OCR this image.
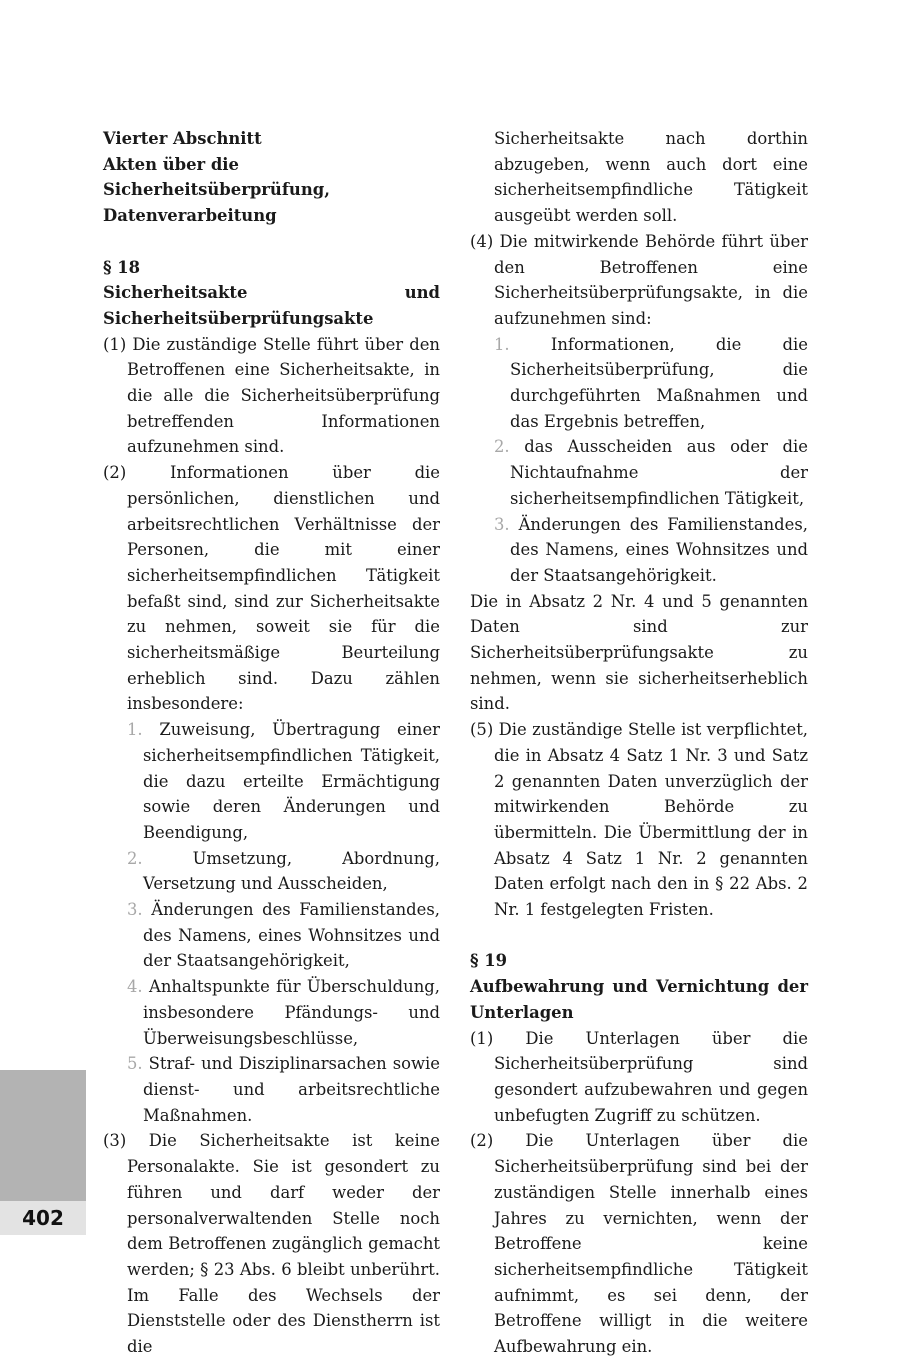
Vierter Abschnitt

Akten über die Sicherheitsüberprüfung, Datenverarbeitung

§ 18

Sicherheitsakte und Sicherheitsüberprüfungsakte

(1) Die zuständige Stelle führt über den Betroffenen eine Sicherheitsakte, in die alle die Sicherheitsüberprüfung betreffenden Informationen aufzunehmen sind.

(2) Informationen über die persönlichen, dienstlichen und arbeitsrechtlichen Verhältnisse der Personen, die mit einer sicherheitsempfindlichen Tätigkeit befaßt sind, sind zur Sicherheitsakte zu nehmen, soweit sie für die sicherheitsmäßige Beurteilung erheblich sind. Dazu zählen insbesondere:

1. Zuweisung, Übertragung einer sicherheitsempfindlichen Tätigkeit, die dazu erteilte Ermächtigung sowie deren Änderungen und Beendigung,

2.	Umsetzung, Abordnung, Versetzung und Ausscheiden,

3. Änderungen des Familienstandes, des Namens, eines Wohnsitzes und der Staatsangehörigkeit,

4. Anhaltspunkte für Überschuldung, insbesondere Pfändungs- und Überweisungsbeschlüsse,

5. Straf- und Disziplinarsachen sowie dienst- und arbeitsrechtliche Maßnahmen.

(3) Die Sicherheitsakte ist keine Personalakte. Sie ist gesondert zu führen und darf weder der personalverwaltenden Stelle noch dem Betroffenen zugänglich gemacht werden; § 23 Abs. 6 bleibt unberührt. Im Falle des Wechsels der Dienststelle oder des Dienstherrn ist die

Sicherheitsakte nach dorthin abzugeben, wenn auch dort eine sicherheitsempfindliche Tätigkeit ausgeübt werden soll.

(4) Die mitwirkende Behörde führt über den Betroffenen eine Sicherheitsüberprüfungsakte, in die aufzunehmen sind:

1.	Informationen, die die Sicherheitsüberprüfung, die durchgeführten Maßnahmen und das Ergebnis betreffen,

2. das Ausscheiden aus oder die Nichtaufnahme der sicherheitsempfindlichen Tätigkeit,

3. Änderungen des Familienstandes, des Namens, eines Wohnsitzes und der Staatsangehörigkeit.

Die in Absatz 2 Nr. 4 und 5 genannten Daten sind zur Sicherheitsüberprüfungsakte zu nehmen, wenn sie sicherheitserheblich sind.

(5) Die zuständige Stelle ist verpflichtet, die in Absatz 4 Satz 1 Nr. 3 und Satz 2 genannten Daten unverzüglich der mitwirkenden Behörde zu übermitteln. Die Übermittlung der in Absatz 4 Satz 1 Nr. 2 genannten Daten erfolgt nach den in § 22 Abs. 2 Nr. 1 festgelegten Fristen.

§ 19

Aufbewahrung und Vernichtung der Unterlagen

(1) Die Unterlagen über die Sicherheitsüberprüfung sind gesondert aufzubewahren und gegen unbefugten Zugriff zu schützen.

(2) Die Unterlagen über die Sicherheitsüberprüfung sind bei der zuständigen Stelle innerhalb eines Jahres zu vernichten, wenn der Betroffene keine sicherheitsempfindliche Tätigkeit aufnimmt, es sei denn, der Betroffene willigt in die weitere Aufbewahrung ein.

402
